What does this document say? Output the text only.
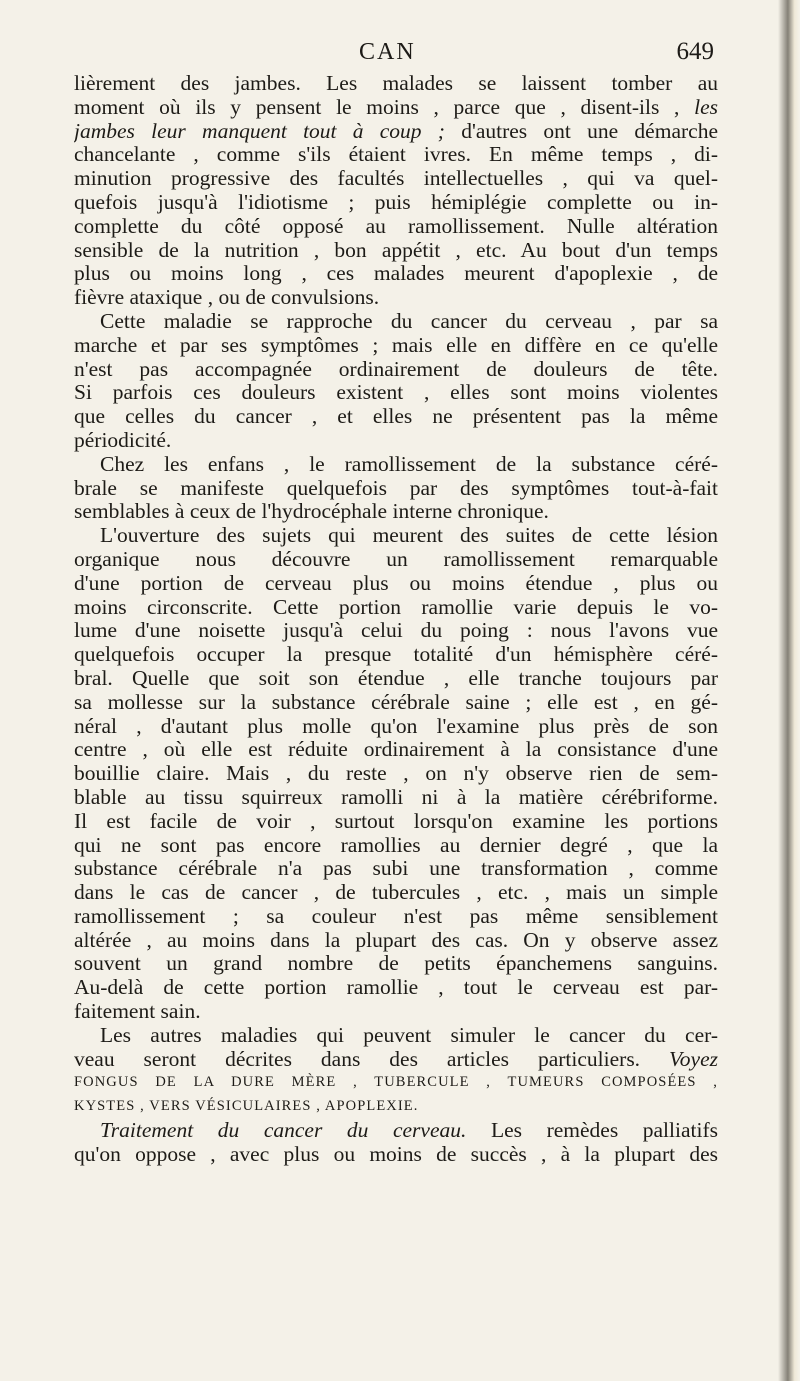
CAN	649
lièrement des jambes. Les malades se laissent tomber au
moment où ils y pensent le moins , parce que , disent-ils , les
jambes leur manquent tout à coup ; d'autres ont une démarche
chancelante , comme s'ils étaient ivres. En même temps , di-
minution progressive des facultés intellectuelles , qui va quel-
quefois jusqu'à l'idiotisme ; puis hémiplégie complette ou in-
complette du côté opposé au ramollissement. Nulle altération
sensible de la nutrition , bon appétit , etc. Au bout d'un temps
plus ou moins long , ces malades meurent d'apoplexie , de
fièvre ataxique , ou de convulsions.
Cette maladie se rapproche du cancer du cerveau , par sa
marche et par ses symptômes ; mais elle en diffère en ce qu'elle
n'est pas accompagnée ordinairement de douleurs de tête.
Si parfois ces douleurs existent , elles sont moins violentes
que celles du cancer , et elles ne présentent pas la même
périodicité.
Chez les enfans , le ramollissement de la substance céré-
brale se manifeste quelquefois par des symptômes tout-à-fait
semblables à ceux de l'hydrocéphale interne chronique.
L'ouverture des sujets qui meurent des suites de cette lésion
organique nous découvre un ramollissement remarquable
d'une portion de cerveau plus ou moins étendue , plus ou
moins circonscrite. Cette portion ramollie varie depuis le vo-
lume d'une noisette jusqu'à celui du poing : nous l'avons vue
quelquefois occuper la presque totalité d'un hémisphère céré-
bral. Quelle que soit son étendue , elle tranche toujours par
sa mollesse sur la substance cérébrale saine ; elle est , en gé-
néral , d'autant plus molle qu'on l'examine plus près de son
centre , où elle est réduite ordinairement à la consistance d'une
bouillie claire. Mais , du reste , on n'y observe rien de sem-
blable au tissu squirreux ramolli ni à la matière cérébriforme.
Il est facile de voir , surtout lorsqu'on examine les portions
qui ne sont pas encore ramollies au dernier degré , que la
substance cérébrale n'a pas subi une transformation , comme
dans le cas de cancer , de tubercules , etc. , mais un simple
ramollissement ; sa couleur n'est pas même sensiblement
altérée , au moins dans la plupart des cas. On y observe assez
souvent un grand nombre de petits épanchemens sanguins.
Au-delà de cette portion ramollie , tout le cerveau est par-
faitement sain.
Les autres maladies qui peuvent simuler le cancer du cer-
veau seront décrites dans des articles particuliers. Voyez
FONGUS DE LA DURE MÈRE , TUBERCULE , TUMEURS COMPOSÉES ,
KYSTES , VERS VÉSICULAIRES , APOPLEXIE.
Traitement du cancer du cerveau. Les remèdes palliatifs
qu'on oppose , avec plus ou moins de succès , à la plupart des
